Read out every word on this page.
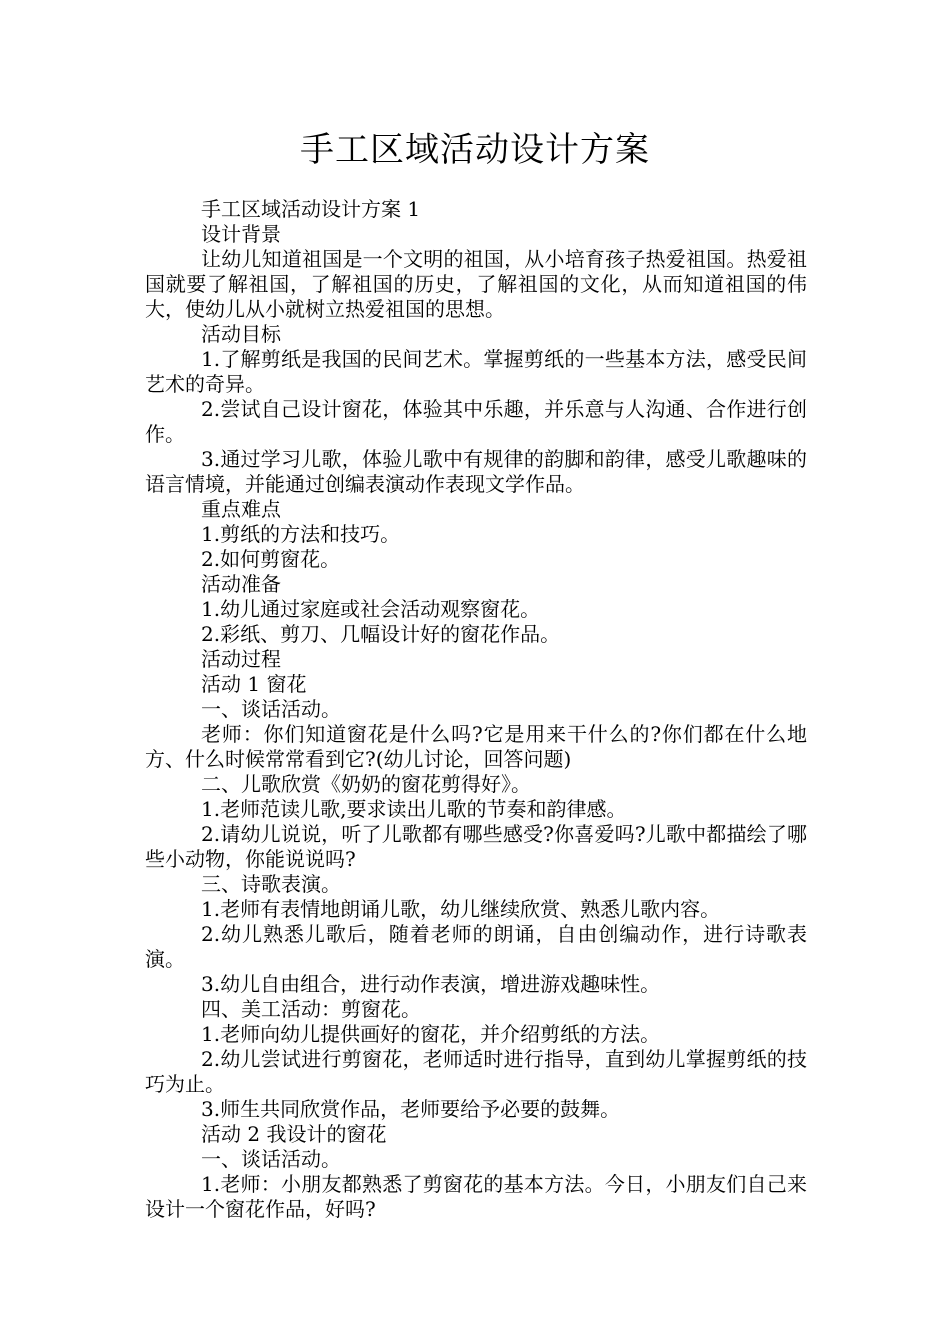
手工区域活动设计方案

手工区域活动设计方案 1

设计背景

让幼儿知道祖国是一个文明的祖国，从小培育孩子热爱祖国。热爱祖国就要了解祖国，了解祖国的历史，了解祖国的文化，从而知道祖国的伟大，使幼儿从小就树立热爱祖国的思想。

活动目标

1.了解剪纸是我国的民间艺术。掌握剪纸的一些基本方法，感受民间艺术的奇异。

2.尝试自己设计窗花，体验其中乐趣，并乐意与人沟通、合作进行创作。

3.通过学习儿歌，体验儿歌中有规律的韵脚和韵律，感受儿歌趣味的语言情境，并能通过创编表演动作表现文学作品。

重点难点

1.剪纸的方法和技巧。

2.如何剪窗花。

活动准备

1.幼儿通过家庭或社会活动观察窗花。

2.彩纸、剪刀、几幅设计好的窗花作品。

活动过程

活动 1 窗花

一、谈话活动。

老师：你们知道窗花是什么吗?它是用来干什么的?你们都在什么地方、什么时候常常看到它?(幼儿讨论，回答问题)

二、儿歌欣赏《奶奶的窗花剪得好》。

1.老师范读儿歌,要求读出儿歌的节奏和韵律感。

2.请幼儿说说，听了儿歌都有哪些感受?你喜爱吗?儿歌中都描绘了哪些小动物，你能说说吗?

三、诗歌表演。

1.老师有表情地朗诵儿歌，幼儿继续欣赏、熟悉儿歌内容。

2.幼儿熟悉儿歌后，随着老师的朗诵，自由创编动作，进行诗歌表演。

3.幼儿自由组合，进行动作表演，增进游戏趣味性。

四、美工活动：剪窗花。

1.老师向幼儿提供画好的窗花，并介绍剪纸的方法。

2.幼儿尝试进行剪窗花，老师适时进行指导，直到幼儿掌握剪纸的技巧为止。

3.师生共同欣赏作品，老师要给予必要的鼓舞。

活动 2 我设计的窗花

一、谈话活动。

1.老师：小朋友都熟悉了剪窗花的基本方法。今日，小朋友们自己来设计一个窗花作品，好吗?
